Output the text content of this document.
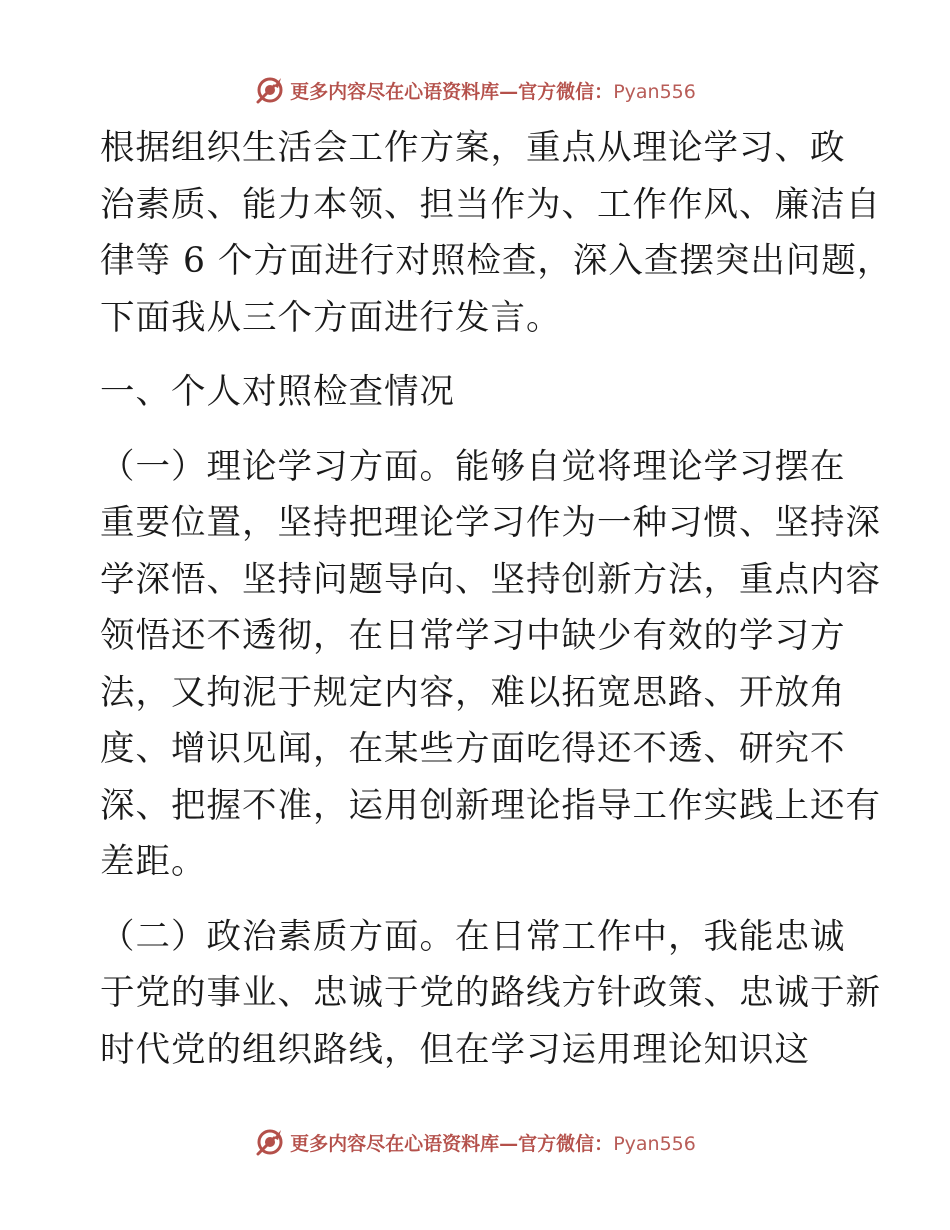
更多内容尽在心语资料库—官方微信：Pyan556

根据组织生活会工作方案，重点从理论学习、政
治素质、能力本领、担当作为、工作作风、廉洁自
律等 6 个方面进行对照检查，深入查摆突出问题，
下面我从三个方面进行发言。

一、个人对照检查情况

（一）理论学习方面。能够自觉将理论学习摆在
重要位置，坚持把理论学习作为一种习惯、坚持深
学深悟、坚持问题导向、坚持创新方法，重点内容
领悟还不透彻，在日常学习中缺少有效的学习方
法，又拘泥于规定内容，难以拓宽思路、开放角
度、增识见闻，在某些方面吃得还不透、研究不
深、把握不准，运用创新理论指导工作实践上还有
差距。

（二）政治素质方面。在日常工作中，我能忠诚
于党的事业、忠诚于党的路线方针政策、忠诚于新
时代党的组织路线，但在学习运用理论知识这

更多内容尽在心语资料库—官方微信：Pyan556
